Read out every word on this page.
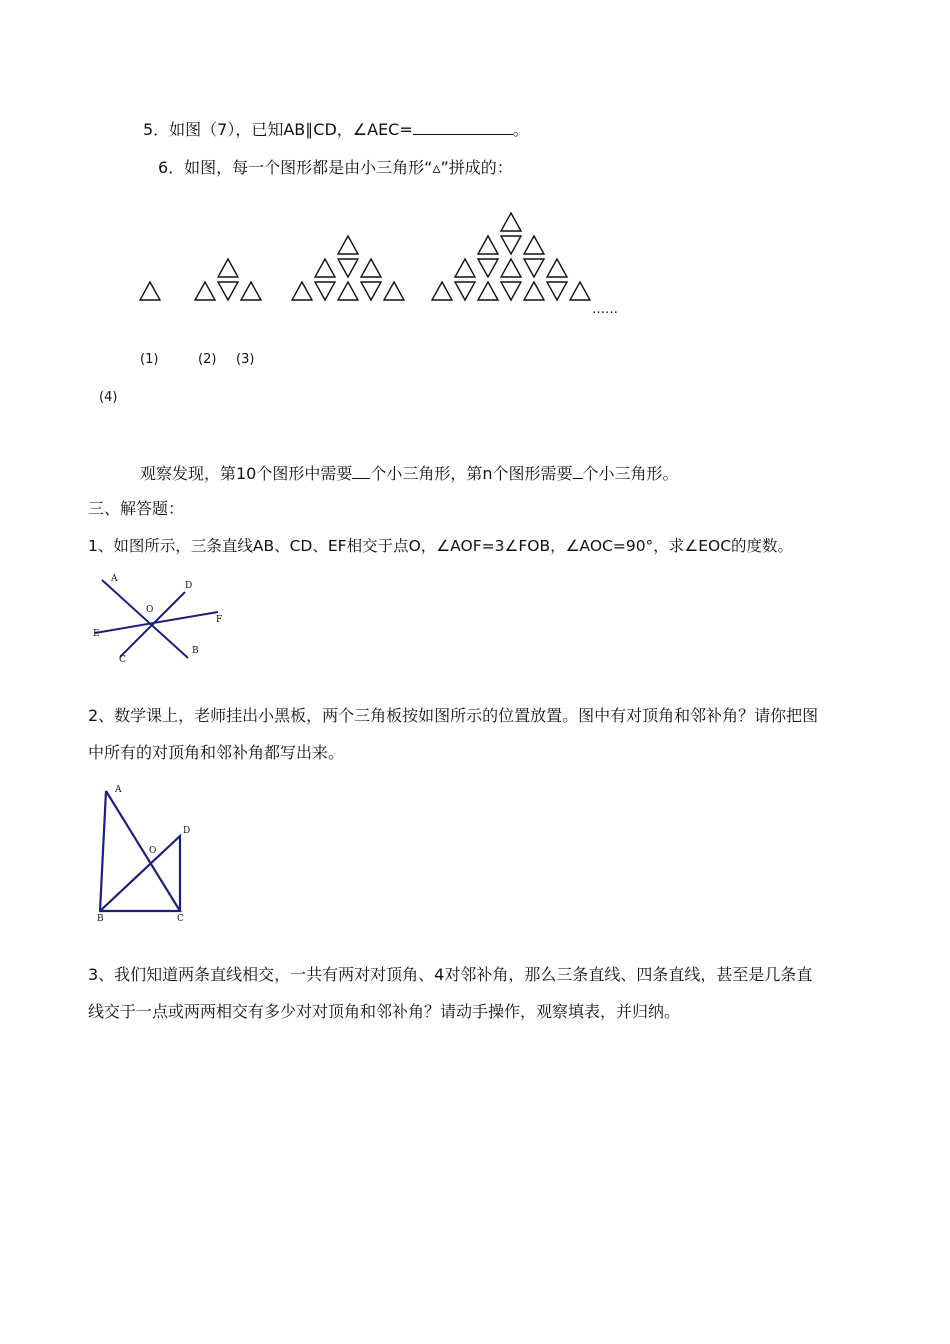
5．如图（7），已知AB∥CD，∠AEC=	。
6．如图，每一个图形都是由小三角形“▵”拼成的：
……
(1)	(2) (3)
(4)
观察发现，第10个图形中需要 个小三角形，第n个图形需要 个小三角形。
三、解答题：
1、如图所示，三条直线AB、CD、EF相交于点O，∠AOF=3∠FOB，∠AOC=90°，求∠EOC的度数。
A
D
O
F
E
C
B
2、数学课上，老师挂出小黑板，两个三角板按如图所示的位置放置。图中有对顶角和邻补角？请你把图
中所有的对顶角和邻补角都写出来。
A
D
O
B	C
3、我们知道两条直线相交，一共有两对对顶角、4对邻补角，那么三条直线、四条直线，甚至是几条直
线交于一点或两两相交有多少对对顶角和邻补角？请动手操作，观察填表，并归纳。
